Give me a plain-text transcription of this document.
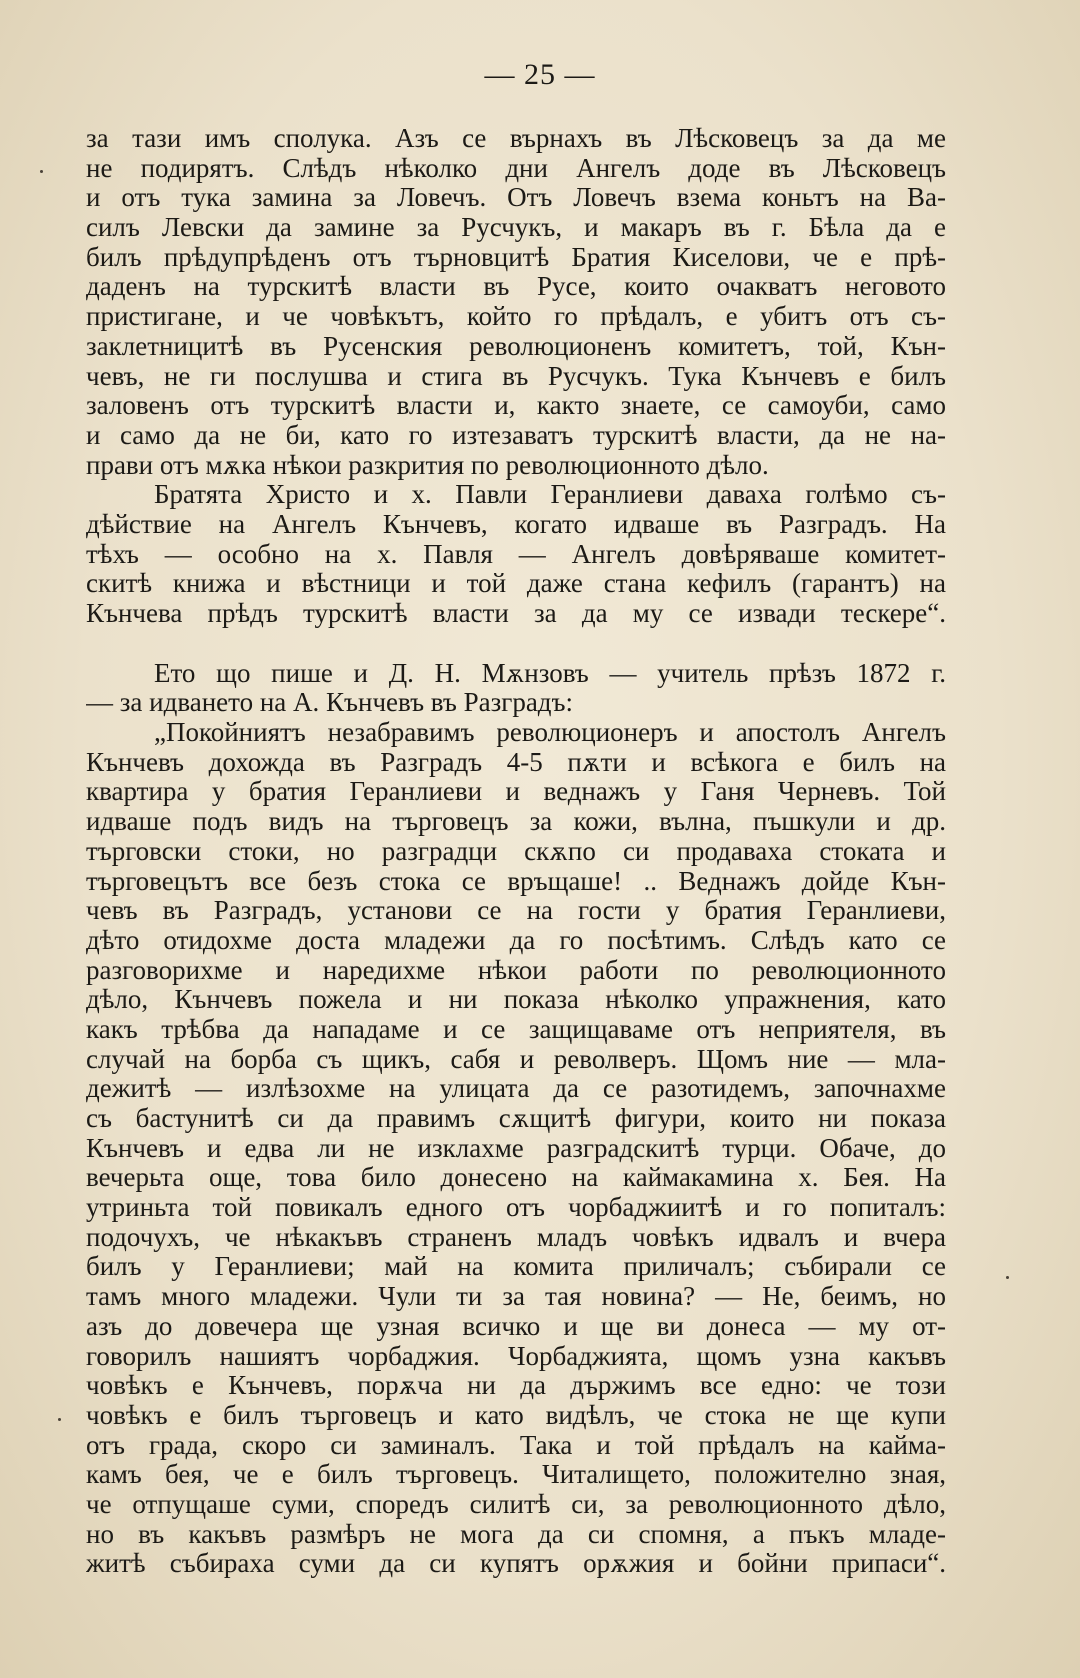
— 25 —
за тази имъ сполука. Азъ се върнахъ въ Лѣсковецъ за да ме
не подирятъ. Слѣдъ нѣколко дни Ангелъ доде въ Лѣсковецъ
и отъ тука замина за Ловечъ. Отъ Ловечъ взема коньтъ на Ва-
силъ Левски да замине за Русчукъ, и макаръ въ г. Бѣла да е
билъ прѣдупрѣденъ отъ търновцитѣ Братия Киселови, че е прѣ-
даденъ на турскитѣ власти въ Русе, които очакватъ неговото
пристигане, и че човѣкътъ, който го прѣдалъ, е убитъ отъ съ-
заклетницитѣ въ Русенския революционенъ комитетъ, той, Кън-
чевъ, не ги послушва и стига въ Русчукъ. Тука Кънчевъ е билъ
заловенъ отъ турскитѣ власти и, както знаете, се самоуби, само
и само да не би, като го изтезаватъ турскитѣ власти, да не на-
прави отъ мѫка нѣкои разкрития по революционното дѣло.
Братята Христо и х. Павли Геранлиеви даваха голѣмо съ-
дѣйствие на Ангелъ Кънчевъ, когато идваше въ Разградъ. На
тѣхъ — особно на х. Павля — Ангелъ довѣряваше комитет-
скитѣ книжа и вѣстници и той даже стана кефилъ (гарантъ) на
Кънчева прѣдъ турскитѣ власти за да му се извади тескере“.
Ето що пише и Д. Н. Мѫнзовъ — учитель прѣзъ 1872 г.
— за идването на А. Кънчевъ въ Разградъ:
„Покойниятъ незабравимъ революционеръ и апостолъ Ангелъ
Кънчевъ дохожда въ Разградъ 4-5 пѫти и всѣкога е билъ на
квартира у братия Геранлиеви и веднажъ у Ганя Черневъ. Той
идваше подъ видъ на търговецъ за кожи, вълна, пъшкули и др.
търговски стоки, но разградци скѫпо си продаваха стоката и
търговецътъ все безъ стока се връщаше! .. Веднажъ дойде Кън-
чевъ въ Разградъ, установи се на гости у братия Геранлиеви,
дѣто отидохме доста младежи да го посѣтимъ. Слѣдъ като се
разговорихме и наредихме нѣкои работи по революционното
дѣло, Кънчевъ пожела и ни показа нѣколко упражнения, като
какъ трѣбва да нападаме и се защищаваме отъ неприятеля, въ
случай на борба съ щикъ, сабя и револверъ. Щомъ ние — мла-
дежитѣ — излѣзохме на улицата да се разотидемъ, започнахме
съ бастунитѣ си да правимъ сѫщитѣ фигури, които ни показа
Кънчевъ и едва ли не изклахме разградскитѣ турци. Обаче, до
вечерьта още, това било донесено на каймакамина х. Бея. На
утриньта той повикалъ едного отъ чорбаджиитѣ и го попиталъ:
подочухъ, че нѣкакъвъ страненъ младъ човѣкъ идвалъ и вчера
билъ у Геранлиеви; май на комита приличалъ; събирали се
тамъ много младежи. Чули ти за тая новина? — Не, беимъ, но
азъ до довечера ще узная всичко и ще ви донеса — му от-
говорилъ нашиятъ чорбаджия. Чорбаджията, щомъ узна какъвъ
човѣкъ е Кънчевъ, порѫча ни да държимъ все едно: че този
човѣкъ е билъ търговецъ и като видѣлъ, че стока не ще купи
отъ града, скоро си заминалъ. Така и той прѣдалъ на каймa-
камъ бея, че е билъ търговецъ. Читалището, положително зная,
че отпущаше суми, спорeдъ силитѣ си, за революционното дѣло,
но въ какъвъ размѣръ не мога да си спомня, а пъкъ младе-
житѣ събираха суми да си купятъ орѫжия и бойни припаси“.
